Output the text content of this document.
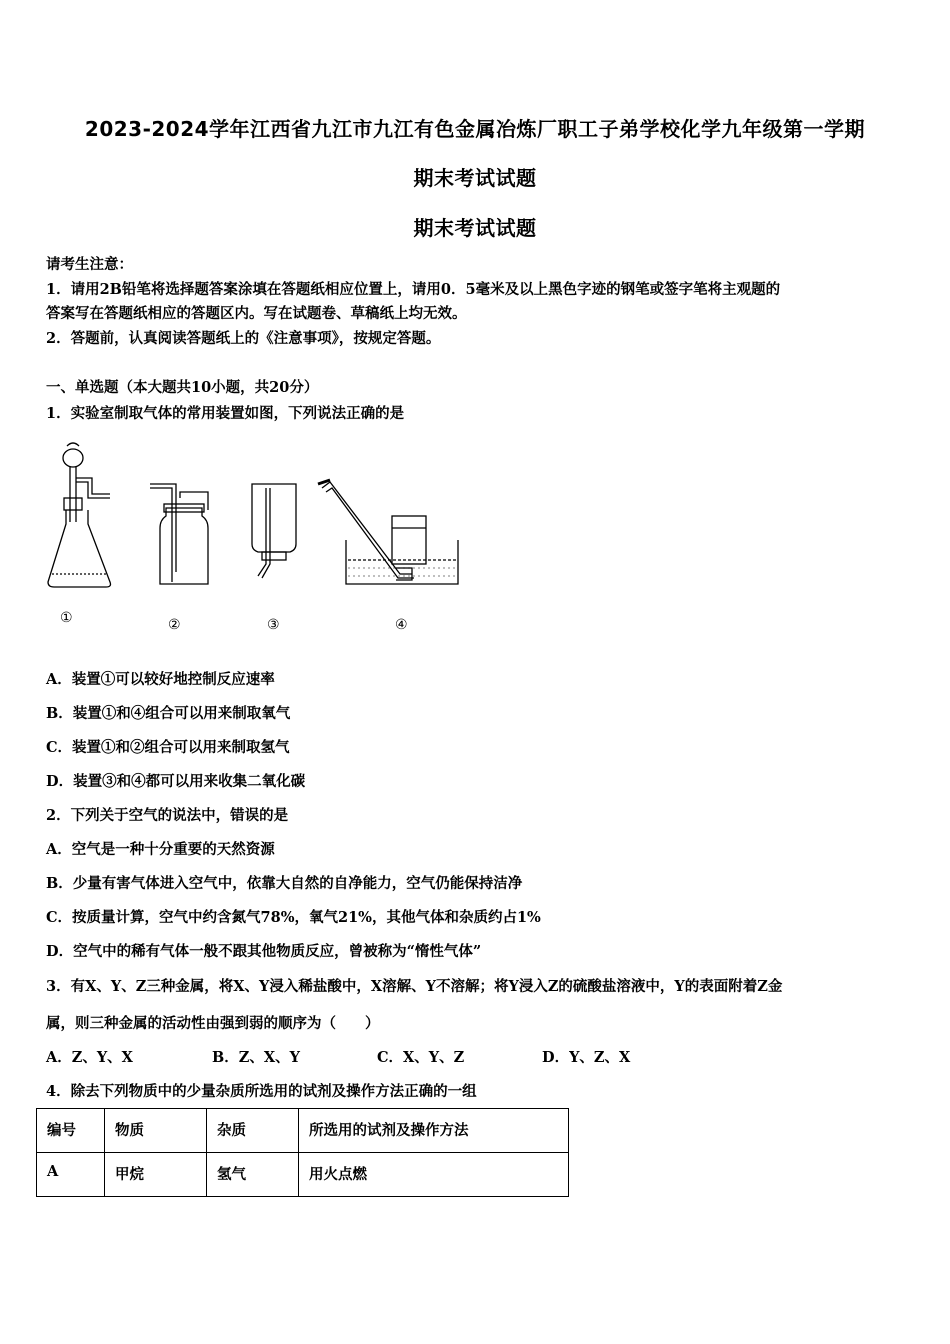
2023-2024学年江西省九江市九江有色金属冶炼厂职工子弟学校化学九年级第一学期
期末考试试题
期末考试试题
请考生注意：
1．请用2B铅笔将选择题答案涂填在答题纸相应位置上，请用0．5毫米及以上黑色字迹的钢笔或签字笔将主观题的
答案写在答题纸相应的答题区内。写在试题卷、草稿纸上均无效。
2．答题前，认真阅读答题纸上的《注意事项》，按规定答题。
一、单选题（本大题共10小题，共20分）
1．实验室制取气体的常用装置如图，下列说法正确的是
①	②	③	④
A．装置①可以较好地控制反应速率
B．装置①和④组合可以用来制取氧气
C．装置①和②组合可以用来制取氢气
D．装置③和④都可以用来收集二氧化碳
2．下列关于空气的说法中，错误的是
A．空气是一种十分重要的天然资源
B．少量有害气体进入空气中，依靠大自然的自净能力，空气仍能保持洁净
C．按质量计算，空气中约含氮气78%，氧气21%，其他气体和杂质约占1%
D．空气中的稀有气体一般不跟其他物质反应，曾被称为“惰性气体”
3．有X、Y、Z三种金属，将X、Y浸入稀盐酸中，X溶解、Y不溶解；将Y浸入Z的硫酸盐溶液中，Y的表面附着Z金
属，则三种金属的活动性由强到弱的顺序为（　　）
A．Z、Y、X	B．Z、X、Y	C．X、Y、Z	D．Y、Z、X
4．除去下列物质中的少量杂质所选用的试剂及操作方法正确的一组
编号	物质	杂质	所选用的试剂及操作方法
A	甲烷	氢气	用火点燃
